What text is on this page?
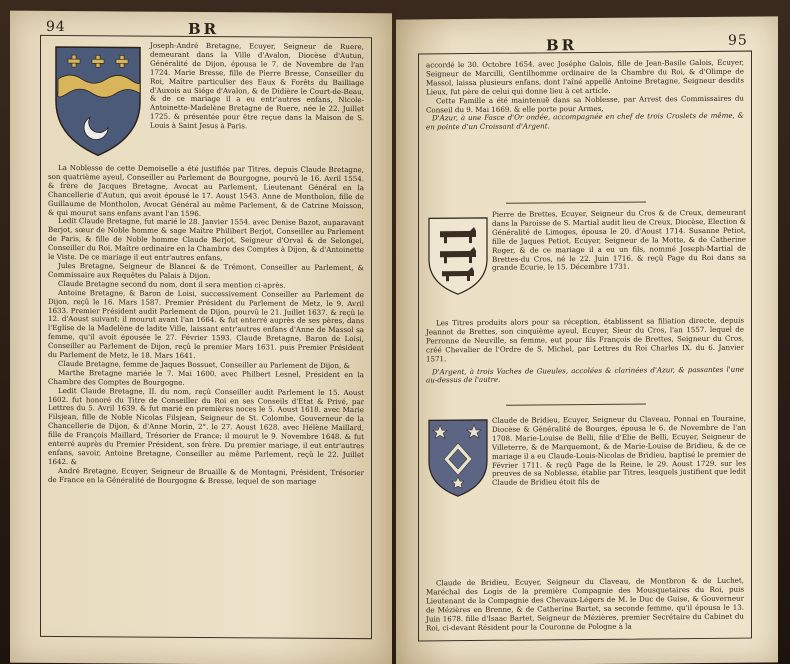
94	BR

Joseph-André Bretagne, Ecuyer, Seigneur de Ruere, demeurant dans la Ville d'Avalon, Diocèse d'Autun, Généralité de Dijon, épousa le 7. de Novembre de l'an 1724. Marie Bresse, fille de Pierre Bresse, Conseiller du Roi, Maître particulier des Eaux & Forêts du Bailliage d'Auxois au Siége d'Avalon, & de Didière le Court-de-Beau, & de ce mariage il a eu entr'autres enfans, Nicole-Antoinette-Madelène Bretagne de Ruere, née le 22. Juillet 1725. & présentée pour être reçue dans la Maison de S. Louis à Saint Jesus à Paris.

La Noblesse de cette Demoiselle a été justifiée par Titres, depuis Claude Bretagne, son quatrième ayeul, Conseiller au Parlement de Bourgogne, pourvû le 16. Avril 1554. & frère de Jacques Bretagne, Avocat au Parlement, Lieutenant Général en la Chancellerie d'Autun, qui avoit épousé le 17. Aoust 1543. Anne de Montholon, fille de Guillaume de Montholon, Avocat Général au même Parlement, & de Catrine Moisson, & qui mourut sans enfans avant l'an 1596.

Ledit Claude Bretagne, fut marié le 28. Janvier 1554. avec Denise Bazot, auparavant Berjot, sœur de Noble homme & sage Maître Philibert Berjot, Conseiller au Parlement de Paris, & fille de Noble homme Claude Berjot, Seigneur d'Orval & de Selongei, Conseiller du Roi, Maître ordinaire en la Chambre des Comptes à Dijon, & d'Antoinette le Viste. De ce mariage il eut entr'autres enfans,

Jules Bretagne, Seigneur de Blancei & de Trémont, Conseiller au Parlement, & Commissaire aux Requêtes du Palais à Dijon.

Claude Bretagne second du nom, dont il sera mention ci-après.

Antoine Bretagne, & Baron de Loisi, successivement Conseiller au Parlement de Dijon, reçû le 16. Mars 1587. Premier Président du Parlement de Metz, le 9. Avril 1633. Premier Président audit Parlement de Dijon, pourvû le 21. Juillet 1637. & reçû le 12. d'Aoust suivant; il mourut avant l'an 1664. & fut enterré auprès de ses pères, dans l'Eglise de la Madelène de ladite Ville, laissant entr'autres enfans d'Anne de Massol sa femme, qu'il avoit épousée le 27. Février 1593. Claude Bretagne, Baron de Loisi, Conseiller au Parlement de Dijon, reçû le premier Mars 1631. puis Premier Président du Parlement de Metz, le 18. Mars 1641.

Claude Bretagne, femme de Jaques Bossuet, Conseiller au Parlement de Dijon, &

Marthe Bretagne mariée le 7. Mai 1600. avec Philbert Lesnel, Président en la Chambre des Comptes de Bourgogne.

Ledit Claude Bretagne, II. du nom, reçû Conseiller audit Parlement le 15. Aoust 1602. fut honoré du Titre de Conseiller du Roi en ses Conseils d'Etat & Privé, par Lettres du 5. Avril 1639. & fut marié en premières noces le 5. Aoust 1618. avec Marie Filsjean, fille de Noble Nicolas Filsjean, Seigneur de St. Colombe, Gouverneur de la Chancellerie de Dijon, & d'Anne Morin, 2°. le 27. Aoust 1628. avec Hélène Maillard, fille de François Maillard, Trésorier de France; il mourut le 9. Novembre 1648. & fut enterré auprès du Premier Président, son frère. Du premier mariage, il eut entr'autres enfans, savoir, Antoine Bretagne, Conseiller au même Parlement, reçû le 22. Juillet 1642. &

André Bretagne, Ecuyer, Seigneur de Bruaille & de Montagni, Président, Trésorier de France en la Généralité de Bourgogne & Bresse, lequel de son mariage

BR	95

accordé le 30. Octobre 1654. avec Joséphe Galois, fille de Jean-Basile Galois, Ecuyer, Seigneur de Marcilli, Gentilhomme ordinaire de la Chambre du Roi, & d'Olimpe de Massol, laissa plusieurs enfans, dont l'aîné appellé Antoine Bretagne, Seigneur desdits Lieux, fut père de celui qui donne lieu à cet article.

Cette Famille a été maintenuë dans sa Noblesse, par Arrest des Commissaires du Conseil du 9. Mai 1669. & elle porte pour Armes,

D'Azur, à une Fasce d'Or ondée, accompagnée en chef de trois Croslets de même, & en pointe d'un Croissant d'Argent.

Pierre de Brettes, Ecuyer, Seigneur du Cros & de Creux, demeurant dans la Paroisse de S. Martial audit lieu de Creux, Diocèse, Election & Généralité de Limoges, épousa le 20. d'Aoust 1714. Susanne Petiot, fille de Jaques Petiot, Ecuyer, Seigneur de la Motte, & de Catherine Roger, & de ce mariage il a eu un fils, nommé Joseph-Martial de Brettes-du Cros, né le 22. Juin 1716. & reçû Page du Roi dans sa grande Ecurie, le 15. Décembre 1731.

Les Titres produits alors pour sa réception, établissent sa filiation directe, depuis Jeannot de Brettes, son cinquième ayeul, Ecuyer, Sieur du Cros, l'an 1557. lequel de Perronne de Neuville, sa femme, eut pour fils François de Brettes, Seigneur du Cros, créé Chevalier de l'Ordre de S. Michel, par Lettres du Roi Charles IX. du 6. Janvier 1571.

D'Argent, à trois Vaches de Gueules, accolées & clarinées d'Azur, & passantes l'une au-dessus de l'autre.

Claude de Bridieu, Ecuyer, Seigneur du Claveau, Ponnai en Touraine, Diocèse & Généralité de Bourges, épousa le 6. de Novembre de l'an 1708. Marie-Louise de Belli, fille d'Elie de Belli, Ecuyer, Seigneur de Villeterre, & de Marquemont, & de Marie-Louise de Bridieu, & de ce mariage il a eu Claude-Louis-Nicolas de Bridieu, baptisé le premier de Février 1711. & reçû Page de la Reine, le 29. Aoust 1729. sur les preuves de sa Noblesse, établie par Titres, lesquels justifient que ledit Claude de Bridieu étoit fils de

Claude de Bridieu, Ecuyer, Seigneur du Claveau, de Montbron & de Luchet, Maréchal des Logis de la première Compagnie des Mousquetaires du Roi, puis Lieutenant de la Compagnie des Chevaux-Légers de M. le Duc de Guise, & Gouverneur de Mézières en Brenne, & de Catherine Bartet, sa seconde femme, qu'il épousa le 13. Juin 1678. fille d'Isaac Bartet, Seigneur de Mézières, premier Secrétaire du Cabinet du Roi, ci-devant Résident pour la Couronne de Pologne à la
